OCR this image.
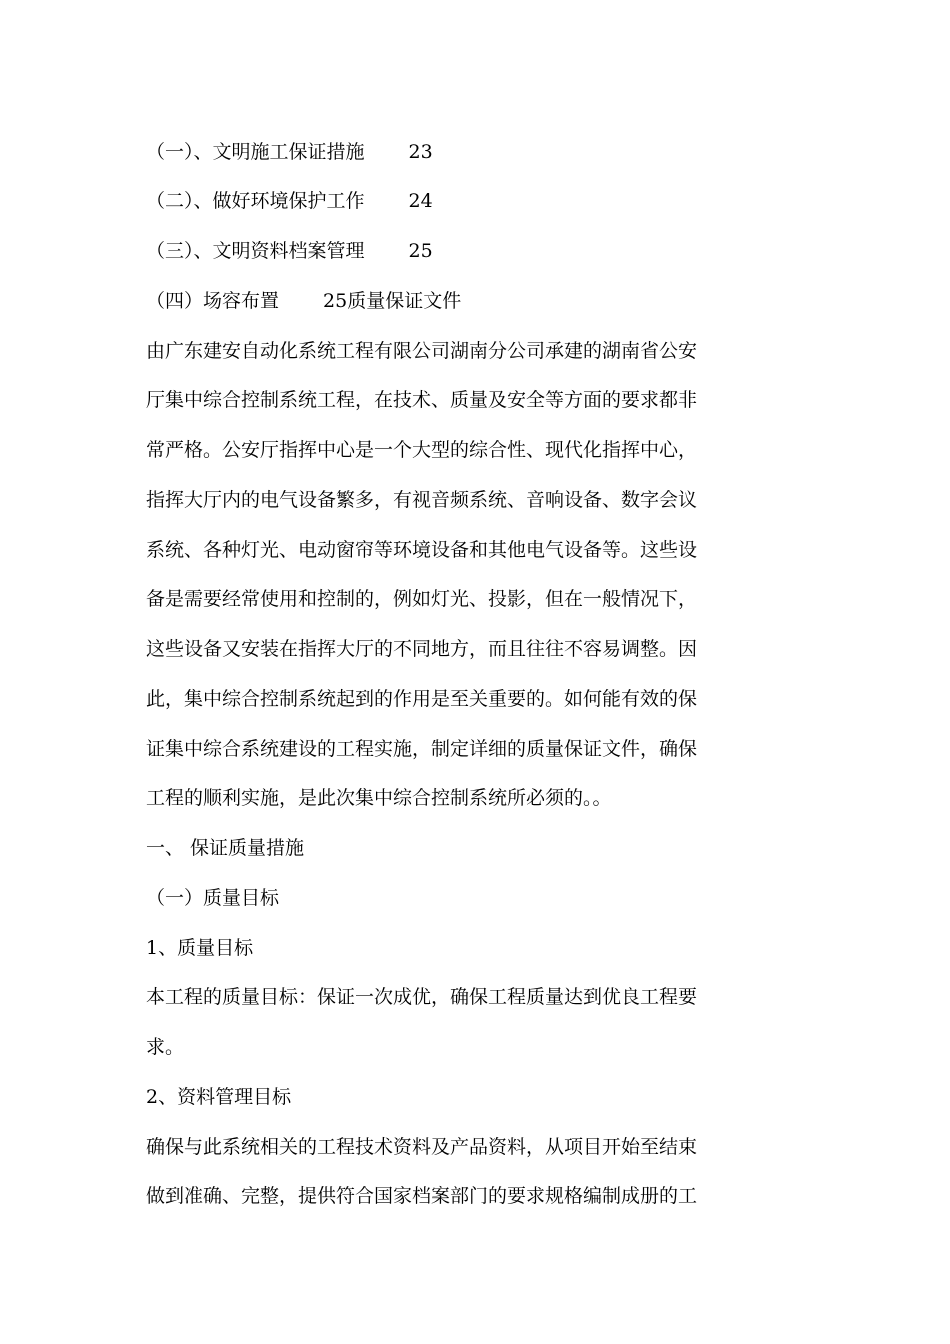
（一）、文明施工保证措施　　 23
（二）、做好环境保护工作　　 24
（三）、文明资料档案管理　　 25
（四）场容布置　　 25质量保证文件
由广东建安自动化系统工程有限公司湖南分公司承建的湖南省公安
厅集中综合控制系统工程，在技术、质量及安全等方面的要求都非
常严格。公安厅指挥中心是一个大型的综合性、现代化指挥中心，
指挥大厅内的电气设备繁多，有视音频系统、音响设备、数字会议
系统、各种灯光、电动窗帘等环境设备和其他电气设备等。这些设
备是需要经常使用和控制的，例如灯光、投影，但在一般情况下，
这些设备又安装在指挥大厅的不同地方，而且往往不容易调整。因
此，集中综合控制系统起到的作用是至关重要的。如何能有效的保
证集中综合系统建设的工程实施，制定详细的质量保证文件，确保
工程的顺利实施，是此次集中综合控制系统所必须的。。
一、 保证质量措施
（一）质量目标
1、质量目标
本工程的质量目标：保证一次成优，确保工程质量达到优良工程要
求。
2、资料管理目标
确保与此系统相关的工程技术资料及产品资料，从项目开始至结束
做到准确、完整，提供符合国家档案部门的要求规格编制成册的工
